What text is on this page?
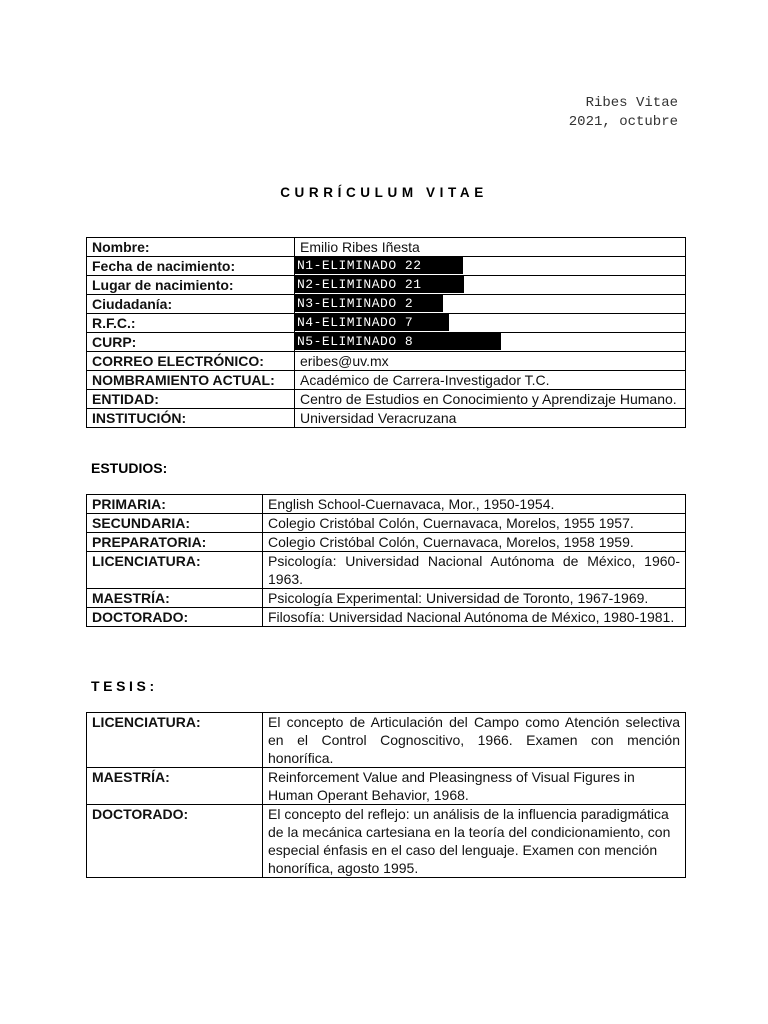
Ribes Vitae
2021, octubre
CURRÍCULUM VITAE
Nombre:	Emilio Ribes Iñesta
Fecha de nacimiento:	N1-ELIMINADO 22
Lugar de nacimiento:	N2-ELIMINADO 21
Ciudadanía:	N3-ELIMINADO 2
R.F.C.:	N4-ELIMINADO 7
CURP:	N5-ELIMINADO 8
CORREO ELECTRÓNICO:	eribes@uv.mx
NOMBRAMIENTO ACTUAL:	Académico de Carrera-Investigador T.C.
ENTIDAD:	Centro de Estudios en Conocimiento y Aprendizaje Humano.
INSTITUCIÓN:	Universidad Veracruzana
ESTUDIOS:
PRIMARIA:	English School-Cuernavaca, Mor., 1950-1954.
SECUNDARIA:	Colegio Cristóbal Colón, Cuernavaca, Morelos, 1955 1957.
PREPARATORIA:	Colegio Cristóbal Colón, Cuernavaca, Morelos, 1958 1959.
LICENCIATURA:	Psicología: Universidad Nacional Autónoma de México, 1960-1963.
MAESTRÍA:	Psicología Experimental: Universidad de Toronto, 1967-1969.
DOCTORADO:	Filosofía: Universidad Nacional Autónoma de México, 1980-1981.
TESIS:
LICENCIATURA:	El concepto de Articulación del Campo como Atención selectiva en el Control Cognoscitivo, 1966. Examen con mención honorífica.
MAESTRÍA:	Reinforcement Value and Pleasingness of Visual Figures in Human Operant Behavior, 1968.
DOCTORADO:	El concepto del reflejo: un análisis de la influencia paradigmática de la mecánica cartesiana en la teoría del condicionamiento, con especial énfasis en el caso del lenguaje. Examen con mención honorífica, agosto 1995.
